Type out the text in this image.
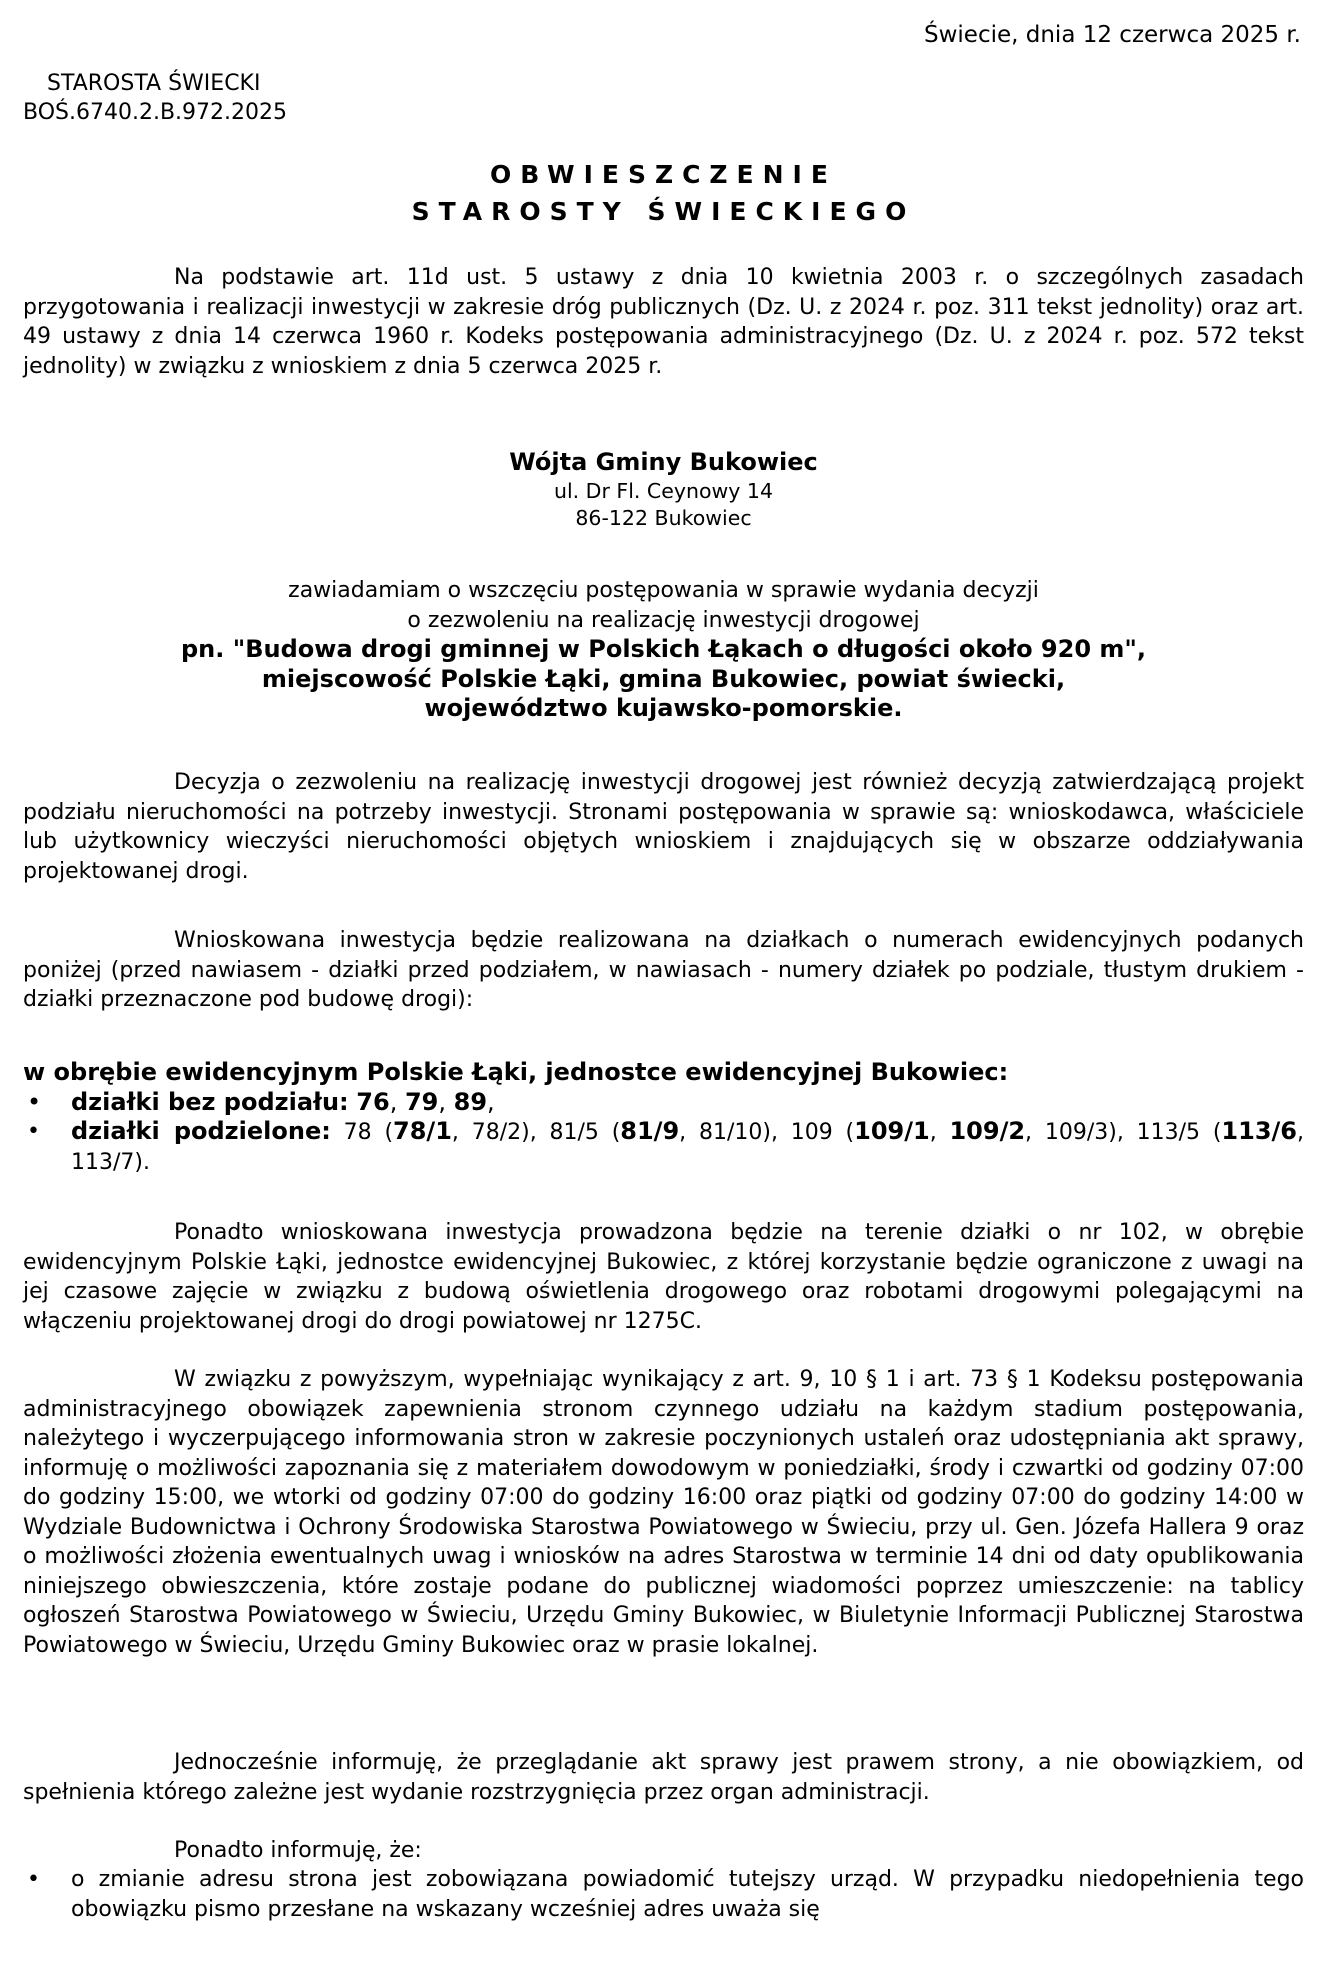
Świecie, dnia 12 czerwca 2025 r.
STAROSTA ŚWIECKI
BOŚ.6740.2.B.972.2025
OBWIESZCZENIE
STAROSTY ŚWIECKIEGO
Na podstawie art. 11d ust. 5 ustawy z dnia 10 kwietnia 2003 r. o szczególnych zasadach przygotowania i realizacji inwestycji w zakresie dróg publicznych (Dz. U. z 2024 r. poz. 311 tekst jednolity) oraz art. 49 ustawy z dnia 14 czerwca 1960 r. Kodeks postępowania administracyjnego (Dz. U. z 2024 r. poz. 572 tekst jednolity) w związku z wnioskiem z dnia 5 czerwca 2025 r.
Wójta Gminy Bukowiec
ul. Dr Fl. Ceynowy 14
86-122 Bukowiec
zawiadamiam o wszczęciu postępowania w sprawie wydania decyzji
o zezwoleniu na realizację inwestycji drogowej
pn. "Budowa drogi gminnej w Polskich Łąkach o długości około 920 m",
miejscowość Polskie Łąki, gmina Bukowiec, powiat świecki,
województwo kujawsko-pomorskie.
Decyzja o zezwoleniu na realizację inwestycji drogowej jest również decyzją zatwierdzającą projekt podziału nieruchomości na potrzeby inwestycji. Stronami postępowania w sprawie są: wnioskodawca, właściciele lub użytkownicy wieczyści nieruchomości objętych wnioskiem i znajdujących się w obszarze oddziaływania projektowanej drogi.
Wnioskowana inwestycja będzie realizowana na działkach o numerach ewidencyjnych podanych poniżej (przed nawiasem - działki przed podziałem, w nawiasach - numery działek po podziale, tłustym drukiem - działki przeznaczone pod budowę drogi):
w obrębie ewidencyjnym Polskie Łąki, jednostce ewidencyjnej Bukowiec:
• działki bez podziału: 76, 79, 89,
• działki podzielone: 78 (78/1, 78/2), 81/5 (81/9, 81/10), 109 (109/1, 109/2, 109/3), 113/5 (113/6, 113/7).
Ponadto wnioskowana inwestycja prowadzona będzie na terenie działki o nr 102, w obrębie ewidencyjnym Polskie Łąki, jednostce ewidencyjnej Bukowiec, z której korzystanie będzie ograniczone z uwagi na jej czasowe zajęcie w związku z budową oświetlenia drogowego oraz robotami drogowymi polegającymi na włączeniu projektowanej drogi do drogi powiatowej nr 1275C.
W związku z powyższym, wypełniając wynikający z art. 9, 10 § 1 i art. 73 § 1 Kodeksu postępowania administracyjnego obowiązek zapewnienia stronom czynnego udziału na każdym stadium postępowania, należytego i wyczerpującego informowania stron w zakresie poczynionych ustaleń oraz udostępniania akt sprawy, informuję o możliwości zapoznania się z materiałem dowodowym w poniedziałki, środy i czwartki od godziny 07:00 do godziny 15:00, we wtorki od godziny 07:00 do godziny 16:00 oraz piątki od godziny 07:00 do godziny 14:00 w Wydziale Budownictwa i Ochrony Środowiska Starostwa Powiatowego w Świeciu, przy ul. Gen. Józefa Hallera 9 oraz o możliwości złożenia ewentualnych uwag i wniosków na adres Starostwa w terminie 14 dni od daty opublikowania niniejszego obwieszczenia, które zostaje podane do publicznej wiadomości poprzez umieszczenie: na tablicy ogłoszeń Starostwa Powiatowego w Świeciu, Urzędu Gminy Bukowiec, w Biuletynie Informacji Publicznej Starostwa Powiatowego w Świeciu, Urzędu Gminy Bukowiec oraz w prasie lokalnej.
Jednocześnie informuję, że przeglądanie akt sprawy jest prawem strony, a nie obowiązkiem, od spełnienia którego zależne jest wydanie rozstrzygnięcia przez organ administracji.
Ponadto informuję, że:
• o zmianie adresu strona jest zobowiązana powiadomić tutejszy urząd. W przypadku niedopełnienia tego obowiązku pismo przesłane na wskazany wcześniej adres uważa się
